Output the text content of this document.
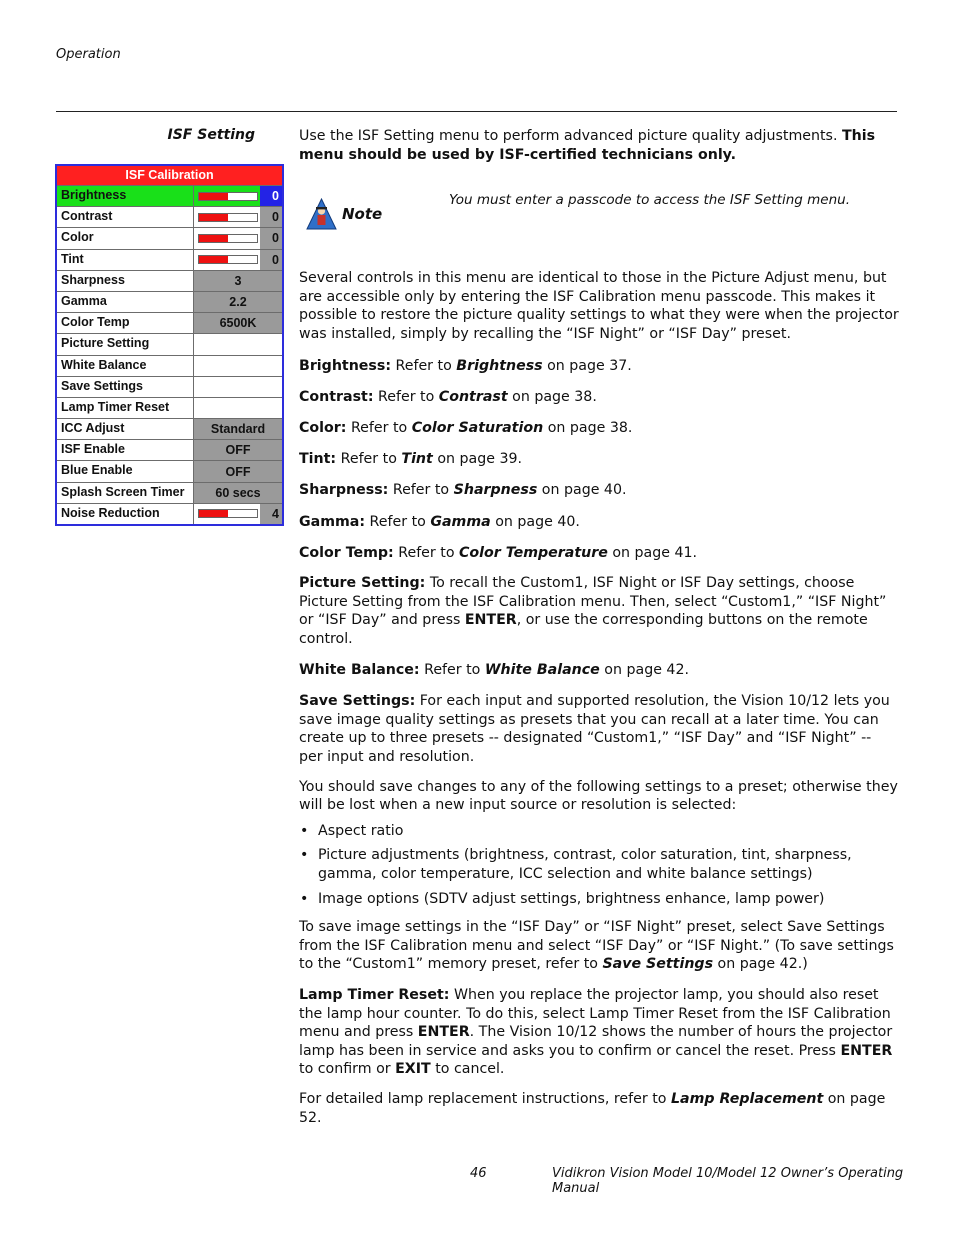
Operation
ISF Setting
ISF Calibration
Brightness	0
Contrast	0
Color	0
Tint	0
Sharpness	3
Gamma	2.2
Color Temp	6500K
Picture Setting
White Balance
Save Settings
Lamp Timer Reset
ICC Adjust	Standard
ISF Enable	OFF
Blue Enable	OFF
Splash Screen Timer	60 secs
Noise Reduction	4

Use the ISF Setting menu to perform advanced picture quality adjustments. This menu should be used by ISF-certified technicians only.

Several controls in this menu are identical to those in the Picture Adjust menu, but are accessible only by entering the ISF Calibration menu passcode. This makes it possible to restore the picture quality settings to what they were when the projector was installed, simply by recalling the “ISF Night” or “ISF Day” preset.

Brightness: Refer to Brightness on page 37.

Contrast: Refer to Contrast on page 38.

Color: Refer to Color Saturation on page 38.

Tint: Refer to Tint on page 39.

Sharpness: Refer to Sharpness on page 40.

Gamma: Refer to Gamma on page 40.

Color Temp: Refer to Color Temperature on page 41.

Picture Setting: To recall the Custom1, ISF Night or ISF Day settings, choose Picture Setting from the ISF Calibration menu. Then, select “Custom1,” “ISF Night” or “ISF Day” and press ENTER, or use the corresponding buttons on the remote control.

White Balance: Refer to White Balance on page 42.

Save Settings: For each input and supported resolution, the Vision 10/12 lets you save image quality settings as presets that you can recall at a later time. You can create up to three presets -- designated “Custom1,” “ISF Day” and “ISF Night” -- per input and resolution.

You should save changes to any of the following settings to a preset; otherwise they will be lost when a new input source or resolution is selected:

• Aspect ratio
• Picture adjustments (brightness, contrast, color saturation, tint, sharpness, gamma, color temperature, ICC selection and white balance settings)
• Image options (SDTV adjust settings, brightness enhance, lamp power)

To save image settings in the “ISF Day” or “ISF Night” preset, select Save Settings from the ISF Calibration menu and select “ISF Day” or “ISF Night.” (To save settings to the “Custom1” memory preset, refer to Save Settings on page 42.)

Lamp Timer Reset: When you replace the projector lamp, you should also reset the lamp hour counter. To do this, select Lamp Timer Reset from the ISF Calibration menu and press ENTER. The Vision 10/12 shows the number of hours the projector lamp has been in service and asks you to confirm or cancel the reset. Press ENTER to confirm or EXIT to cancel.

For detailed lamp replacement instructions, refer to Lamp Replacement on page 52.

Note
You must enter a passcode to access the ISF Setting menu.
46	Vidikron Vision Model 10/Model 12 Owner’s Operating Manual
